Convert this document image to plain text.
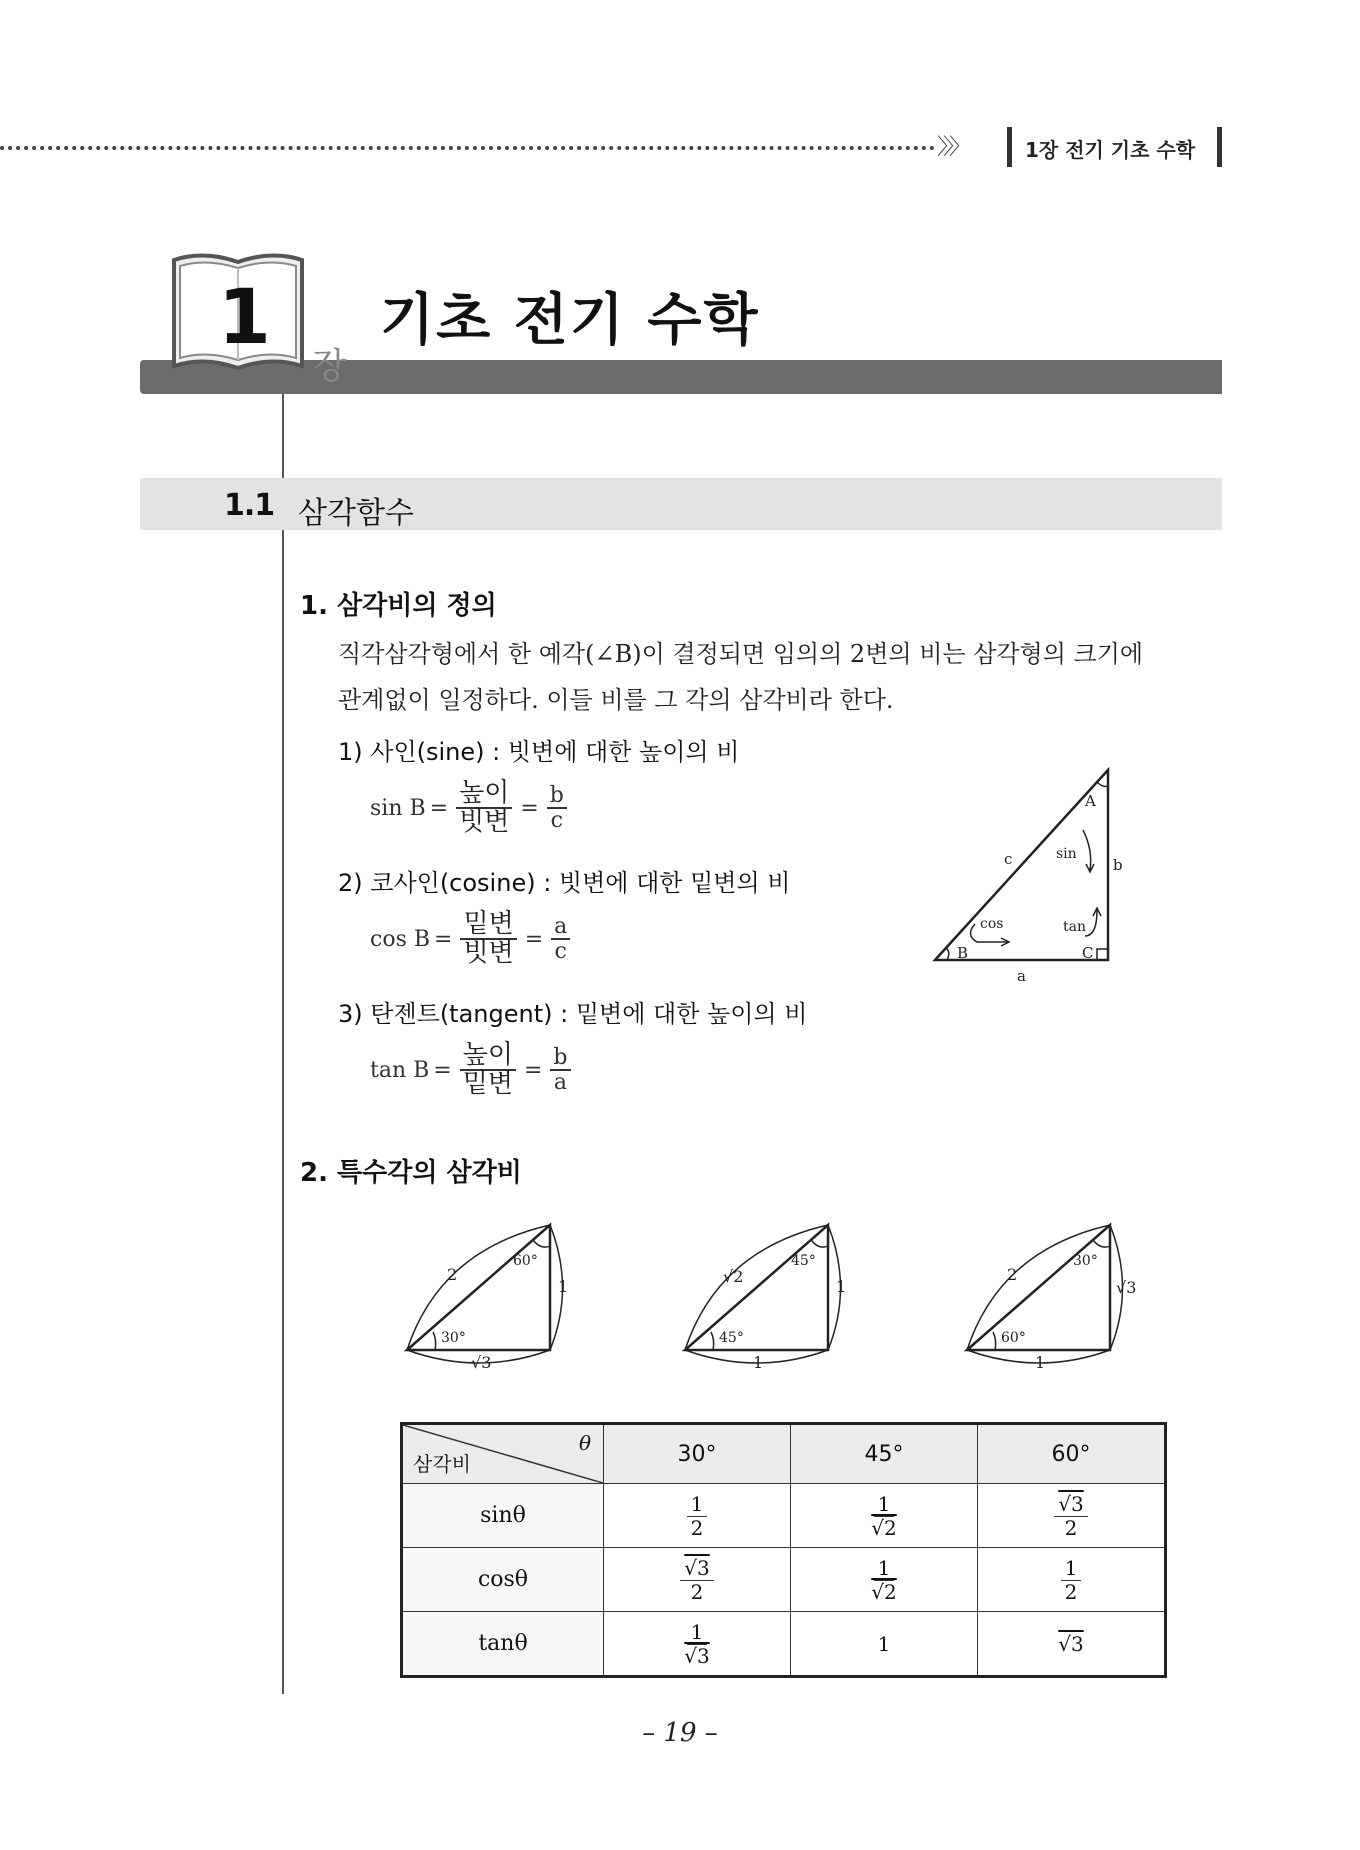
〉〉〉	1장 전기 기초 수학
1
장
기초 전기 수학
1.1 삼각함수
1. 삼각비의 정의
직각삼각형에서 한 예각(∠B)이 결정되면 임의의 2변의 비는 삼각형의 크기에
관계없이 일정하다. 이들 비를 그 각의 삼각비라 한다.
1) 사인(sine) : 빗변에 대한 높이의 비
$\sin B = \frac{\text{높이}}{\text{빗변}} = \frac{b}{c}$
2) 코사인(cosine) : 빗변에 대한 밑변의 비
$\cos B = \frac{\text{밑변}}{\text{빗변}} = \frac{a}{c}$
3) 탄젠트(tangent) : 밑변에 대한 높이의 비
$\tan B = \frac{\text{높이}}{\text{밑변}} = \frac{b}{a}$
A
B	C
a
b
c	sin
cos	tan
2. 특수각의 삼각비
2
1
√3
30°
60°
√2
1
1
45°
45°
2
√3
1
60°
30°
θ
삼각비	30°	45°	60°
sinθ	$\frac{1}{2}$	$\frac{1}{√2}$	$\frac{√3}{2}$

cosθ	$\frac{√3}{2}$	$\frac{1}{√2}$	$\frac{1}{2}$

tanθ	$\frac{1}{√3}$	1	√3
– 19 –
